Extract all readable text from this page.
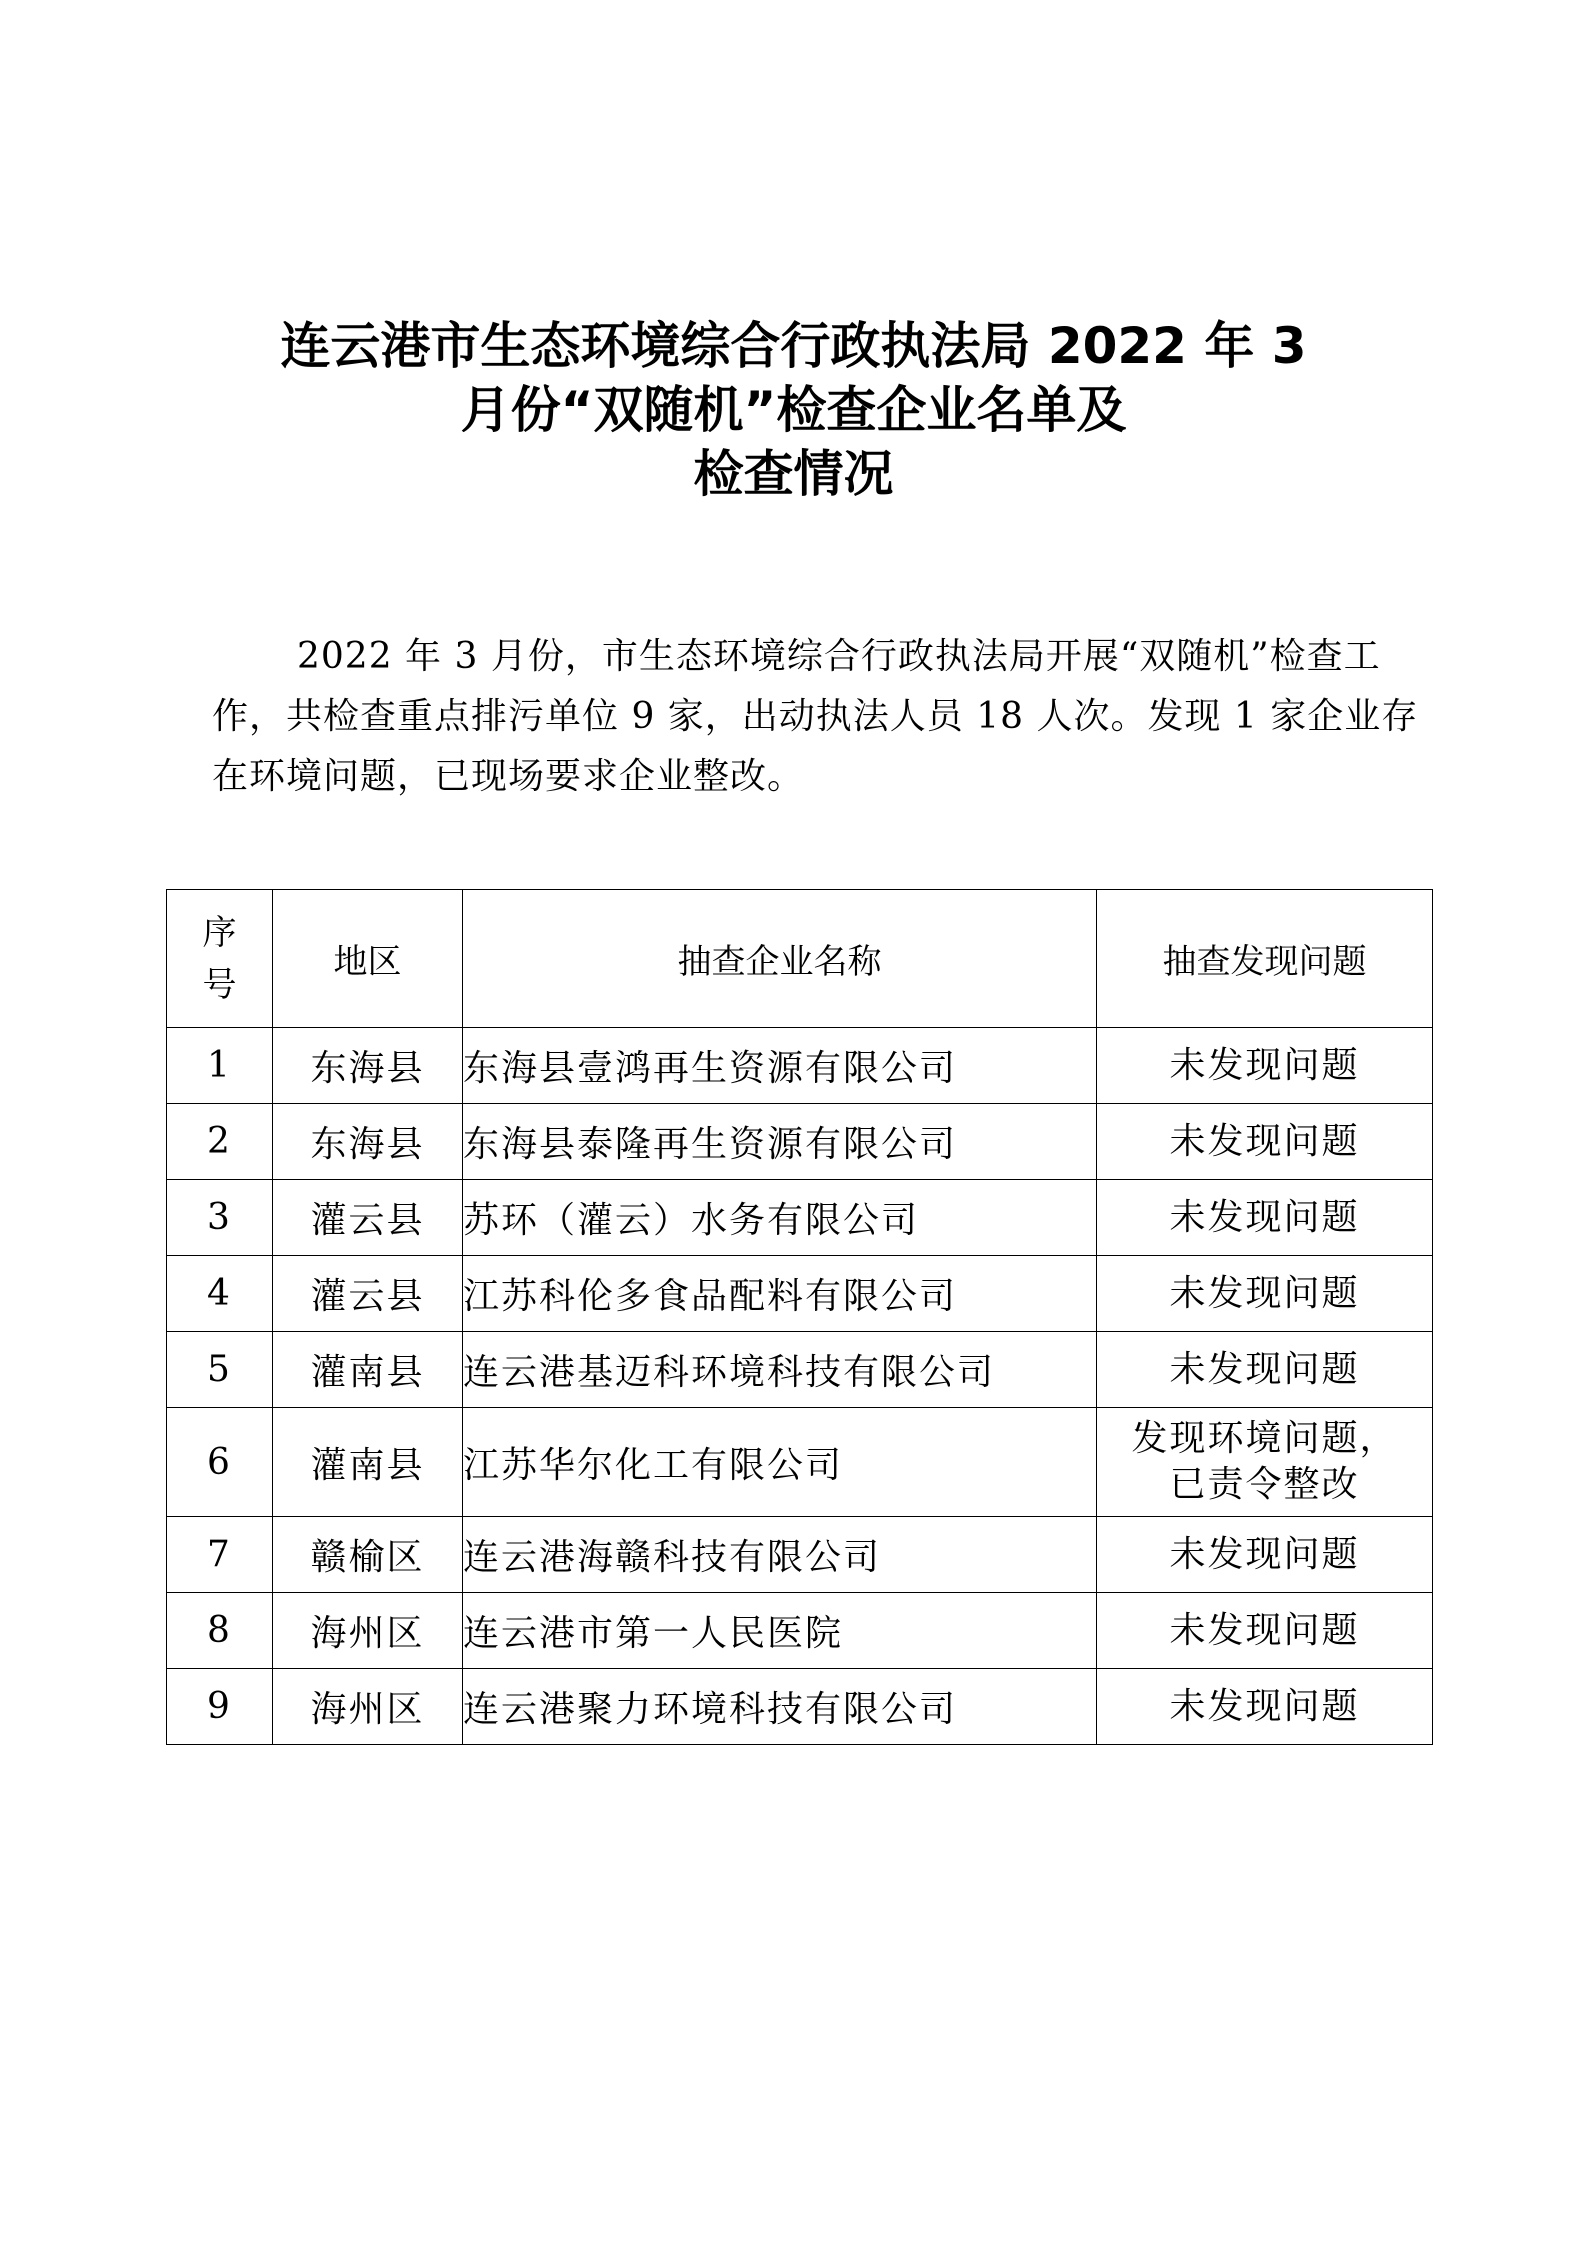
连云港市生态环境综合行政执法局 2022 年 3
月份“双随机”检查企业名单及
检查情况

2022 年 3 月份，市生态环境综合行政执法局开展“双随机”检查工作，共检查重点排污单位 9 家，出动执法人员 18 人次。发现 1 家企业存在环境问题，已现场要求企业整改。

序
号	地区	抽查企业名称	抽查发现问题
1	东海县	东海县壹鸿再生资源有限公司	未发现问题
2	东海县	东海县泰隆再生资源有限公司	未发现问题
3	灌云县	苏环（灌云）水务有限公司	未发现问题
4	灌云县	江苏科伦多食品配料有限公司	未发现问题
5	灌南县	连云港基迈科环境科技有限公司	未发现问题
6	灌南县	江苏华尔化工有限公司	发现环境问题，
已责令整改
7	赣榆区	连云港海赣科技有限公司	未发现问题
8	海州区	连云港市第一人民医院	未发现问题
9	海州区	连云港聚力环境科技有限公司	未发现问题
